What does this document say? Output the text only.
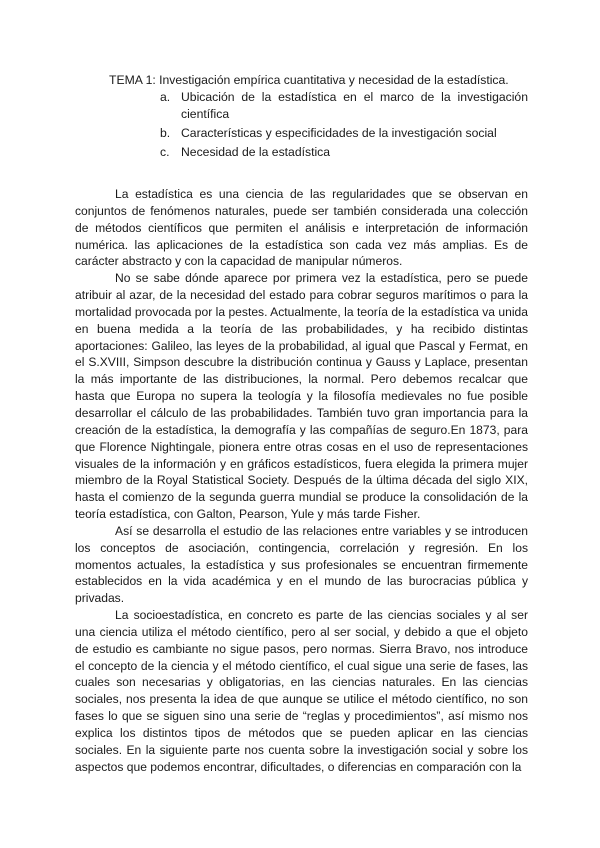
TEMA 1: Investigación empírica cuantitativa y necesidad de la estadística.
a. Ubicación de la estadística en el marco de la investigación científica
b. Características y especificidades de la investigación social
c. Necesidad de la estadística

La estadística es una ciencia de las regularidades que se observan en conjuntos de fenómenos naturales, puede ser también considerada una colección de métodos científicos que permiten el análisis e interpretación de información numérica. las aplicaciones de la estadística son cada vez más amplias. Es de carácter abstracto y con la capacidad de manipular números.

No se sabe dónde aparece por primera vez la estadística, pero se puede atribuir al azar, de la necesidad del estado para cobrar seguros marítimos o para la mortalidad provocada por la pestes. Actualmente, la teoría de la estadística va unida en buena medida a la teoría de las probabilidades, y ha recibido distintas aportaciones: Galileo, las leyes de la probabilidad, al igual que Pascal y Fermat, en el S.XVIII, Simpson descubre la distribución continua y Gauss y Laplace, presentan la más importante de las distribuciones, la normal. Pero debemos recalcar que hasta que Europa no supera la teología y la filosofía medievales no fue posible desarrollar el cálculo de las probabilidades. También tuvo gran importancia para la creación de la estadística, la demografía y las compañías de seguro.En 1873, para que Florence Nightingale, pionera entre otras cosas en el uso de representaciones visuales de la información y en gráficos estadísticos, fuera elegida la primera mujer miembro de la Royal Statistical Society. Después de la última década del siglo XIX, hasta el comienzo de la segunda guerra mundial se produce la consolidación de la teoría estadística, con Galton, Pearson, Yule y más tarde Fisher.

Así se desarrolla el estudio de las relaciones entre variables y se introducen los conceptos de asociación, contingencia, correlación y regresión. En los momentos actuales, la estadística y sus profesionales se encuentran firmemente establecidos en la vida académica y en el mundo de las burocracias pública y privadas.

La socioestadística, en concreto es parte de las ciencias sociales y al ser una ciencia utiliza el método científico, pero al ser social, y debido a que el objeto de estudio es cambiante no sigue pasos, pero normas. Sierra Bravo, nos introduce el concepto de la ciencia y el método científico, el cual sigue una serie de fases, las cuales son necesarias y obligatorias, en las ciencias naturales. En las ciencias sociales, nos presenta la idea de que aunque se utilice el método científico, no son fases lo que se siguen sino una serie de “reglas y procedimientos”, así mismo nos explica los distintos tipos de métodos que se pueden aplicar en las ciencias sociales. En la siguiente parte nos cuenta sobre la investigación social y sobre los aspectos que podemos encontrar, dificultades, o diferencias en comparación con la
